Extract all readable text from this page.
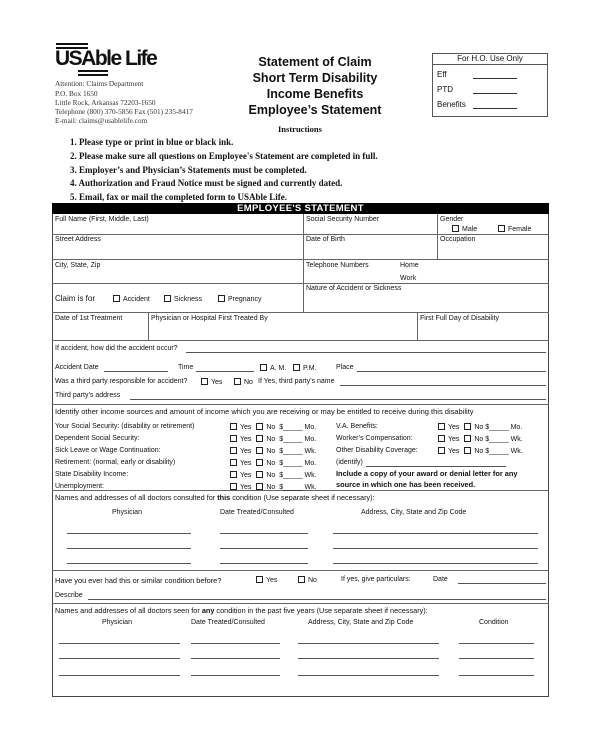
USAble Life
Attention: Claims Department
P.O. Box 1650
Little Rock, Arkansas 72203-1650
Telephone (800) 370-5856 Fax (501) 235-8417
E-mail: claims@usablelife.com
Statement of Claim
Short Term Disability
Income Benefits
Employee’s Statement
For H.O. Use Only
Eff
PTD
Benefits
Instructions
1. Please type or print in blue or black ink.
2. Please make sure all questions on Employee's Statement are completed in full.
3. Employer’s and Physician’s Statements must be completed.
4. Authorization and Fraud Notice must be signed and currently dated.
5. Email, fax or mail the completed form to USAble Life.
EMPLOYEE'S STATEMENT
Full Name (First, Middle, Last)	Social Security Number	Gender
Male	Female
Street Address	Date of Birth	Occupation
City, State, Zip	Telephone Numbers	Home
Work
Claim is for	Accident	Sickness	Pregnancy
Nature of Accident or Sickness
Date of 1st Treatment	Physician or Hospital First Treated By	First Full Day of Disability
If accident, how did the accident occur?
Accident Date	Time	A. M.	P.M.	Place
Was a third party responsible for accident?	Yes	No If Yes, third party’s name
Third party’s address
Identify other income sources and amount of income which you are receiving or may be entitled to receive during this disability
Your Social Security: (disability or retirement)	Yes No $_____ Mo.
Dependent Social Security:	Yes No $_____ Mo.
Sick Leave or Wage Continuation:	Yes No $_____ Wk.
Retirement: (normal, early or disability)	Yes No $_____ Mo.
State Disability Income:	Yes No $_____ Wk.
Unemployment:	Yes No $_____ Wk.
V.A. Benefits:	Yes No $_____ Mo.
Worker’s Compensation:	Yes No $_____ Wk.
Other Disability Coverage:	Yes No $_____ Wk.
Include a copy of your award or denial letter for any
source in which one has been received.
(identify)
Names and addresses of all doctors consulted for this condition (Use separate sheet if necessary):
Physician	Date Treated/Consulted	Address, City, State and Zip Code
Have you ever had this or similar condition before?	Yes	No	If yes, give particulars:	Date
Describe
Names and addresses of all doctors seen for any condition in the past five years (Use separate sheet if necessary):
Physician	Date Treated/Consulted	Address, City, State and Zip Code	Condition
